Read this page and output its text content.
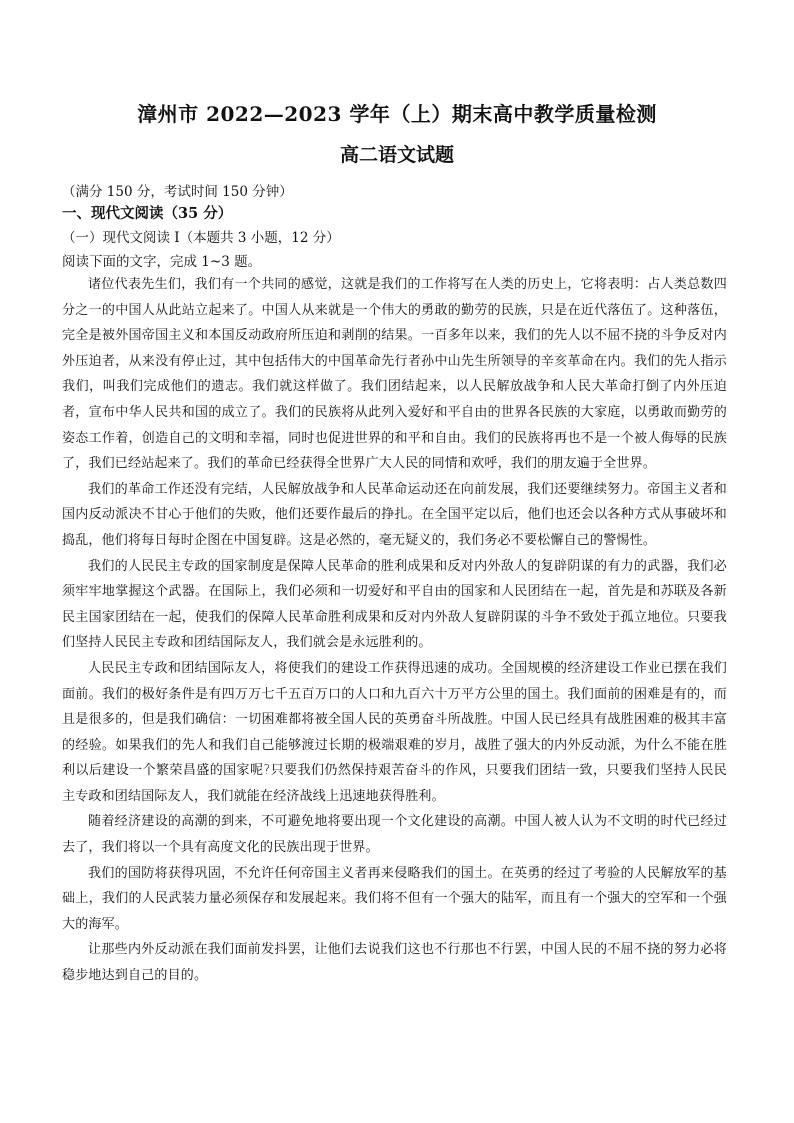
漳州市 2022—2023 学年（上）期末高中教学质量检测
高二语文试题
（满分 150 分，考试时间 150 分钟）
一、现代文阅读（35 分）
（一）现代文阅读 I（本题共 3 小题，12 分）
阅读下面的文字，完成 1~3 题。

诸位代表先生们，我们有一个共同的感觉，这就是我们的工作将写在人类的历史上，它将表明：占人类总数四分之一的中国人从此站立起来了。中国人从来就是一个伟大的勇敢的勤劳的民族，只是在近代落伍了。这种落伍，完全是被外国帝国主义和本国反动政府所压迫和剥削的结果。一百多年以来，我们的先人以不屈不挠的斗争反对内外压迫者，从来没有停止过，其中包括伟大的中国革命先行者孙中山先生所领导的辛亥革命在内。我们的先人指示我们，叫我们完成他们的遗志。我们就这样做了。我们团结起来，以人民解放战争和人民大革命打倒了内外压迫者，宣布中华人民共和国的成立了。我们的民族将从此列入爱好和平自由的世界各民族的大家庭，以勇敢而勤劳的姿态工作着，创造自己的文明和幸福，同时也促进世界的和平和自由。我们的民族将再也不是一个被人侮辱的民族了，我们已经站起来了。我们的革命已经获得全世界广大人民的同情和欢呼，我们的朋友遍于全世界。

我们的革命工作还没有完结，人民解放战争和人民革命运动还在向前发展，我们还要继续努力。帝国主义者和国内反动派决不甘心于他们的失败，他们还要作最后的挣扎。在全国平定以后，他们也还会以各种方式从事破坏和捣乱，他们将每日每时企图在中国复辟。这是必然的，毫无疑义的，我们务必不要松懈自己的警惕性。

我们的人民民主专政的国家制度是保障人民革命的胜利成果和反对内外敌人的复辟阴谋的有力的武器，我们必须牢牢地掌握这个武器。在国际上，我们必须和一切爱好和平自由的国家和人民团结在一起，首先是和苏联及各新民主国家团结在一起，使我们的保障人民革命胜利成果和反对内外敌人复辟阴谋的斗争不致处于孤立地位。只要我们坚持人民民主专政和团结国际友人，我们就会是永远胜利的。

人民民主专政和团结国际友人，将使我们的建设工作获得迅速的成功。全国规模的经济建设工作业已摆在我们面前。我们的极好条件是有四万万七千五百万口的人口和九百六十万平方公里的国土。我们面前的困难是有的，而且是很多的，但是我们确信：一切困难都将被全国人民的英勇奋斗所战胜。中国人民已经具有战胜困难的极其丰富的经验。如果我们的先人和我们自己能够渡过长期的极端艰难的岁月，战胜了强大的内外反动派，为什么不能在胜利以后建设一个繁荣昌盛的国家呢?只要我们仍然保持艰苦奋斗的作风，只要我们团结一致，只要我们坚持人民民主专政和团结国际友人，我们就能在经济战线上迅速地获得胜利。

随着经济建设的高潮的到来，不可避免地将要出现一个文化建设的高潮。中国人被人认为不文明的时代已经过去了，我们将以一个具有高度文化的民族出现于世界。

我们的国防将获得巩固，不允许任何帝国主义者再来侵略我们的国土。在英勇的经过了考验的人民解放军的基础上，我们的人民武装力量必须保存和发展起来。我们将不但有一个强大的陆军，而且有一个强大的空军和一个强大的海军。

让那些内外反动派在我们面前发抖罢，让他们去说我们这也不行那也不行罢，中国人民的不屈不挠的努力必将稳步地达到自己的目的。
